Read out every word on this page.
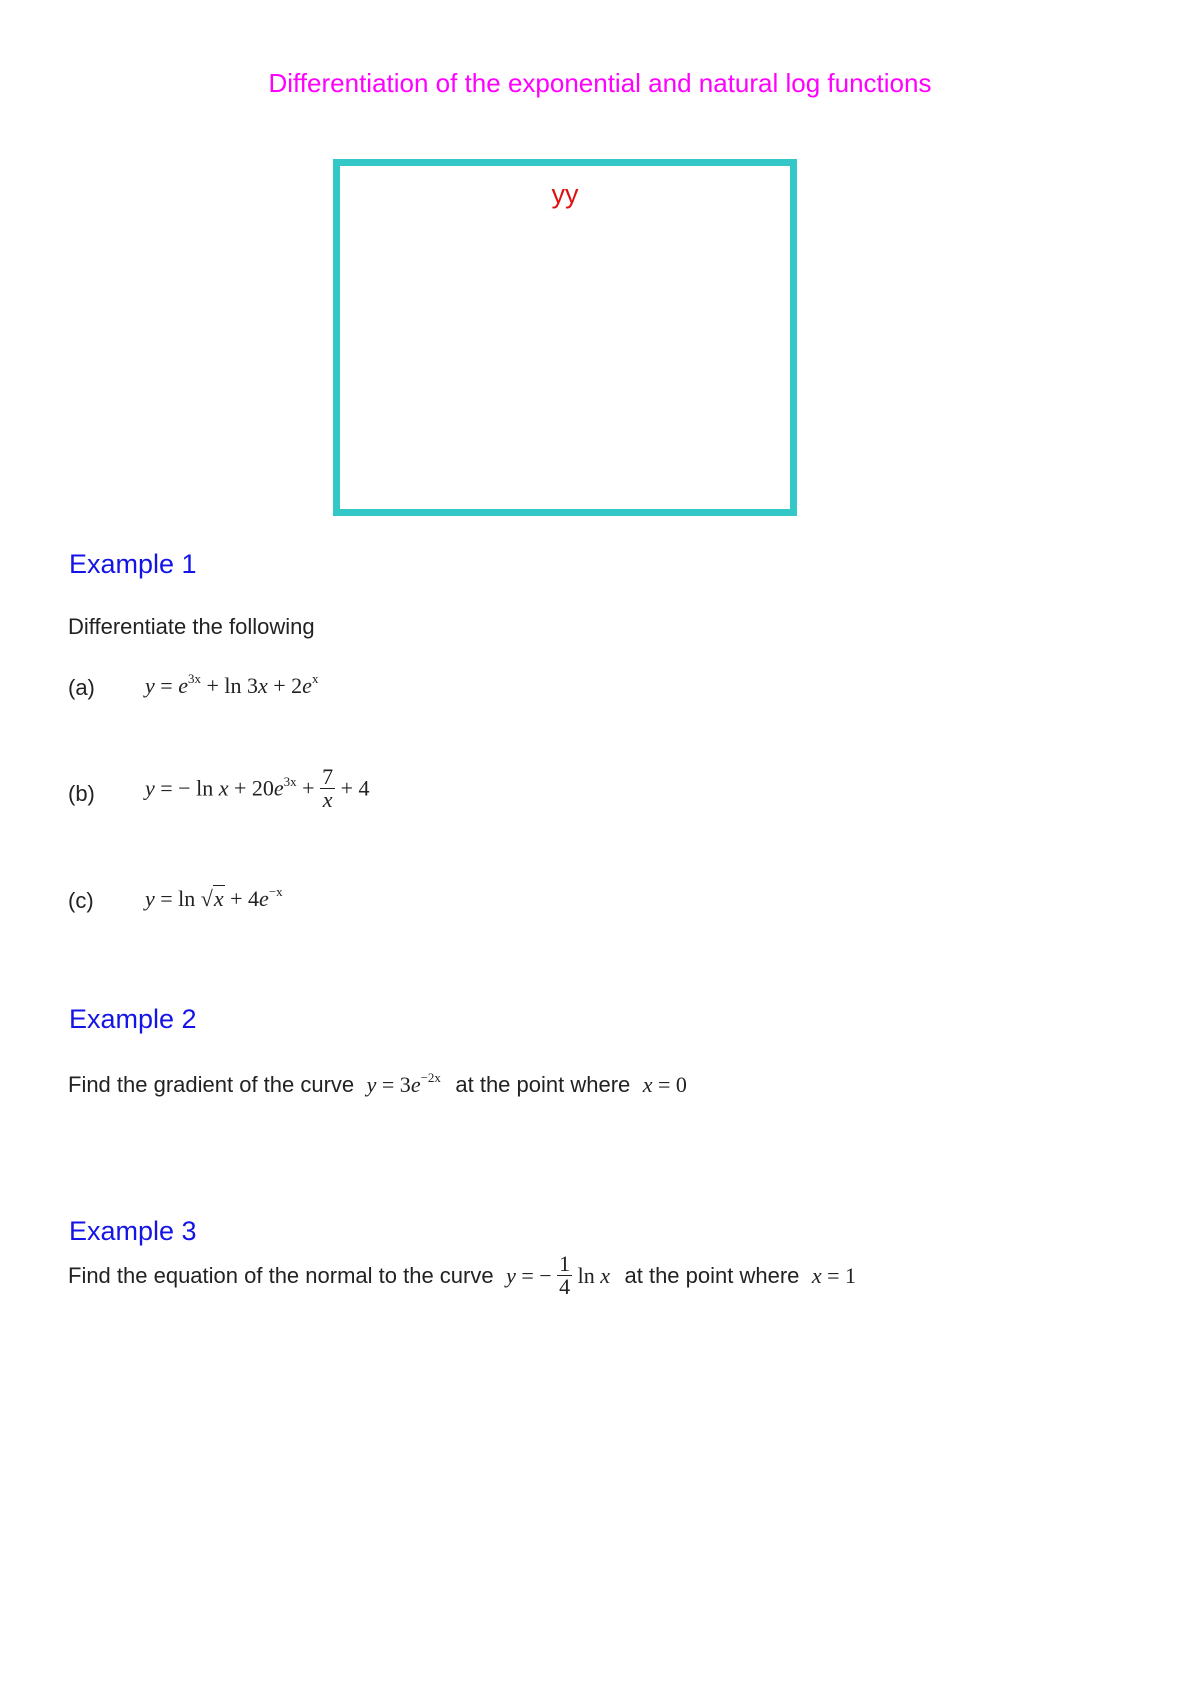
Differentiation of the exponential and natural log functions
yy
Example 1
Differentiate the following
(a) $y = e^{3x} + \ln 3x + 2e^x$
(b) y = − $\ln x + 20e^{3x} + \frac{7}{x} + 4$
(c) $y = \ln √x + 4e^{-x}$
Example 2
Find the gradient of the curve $y = 3e^{-2x}$ at the point where x = 0
Example 3
Find the equation of the normal to the curve y = − $\frac{1}{4}$ ln x at the point where x = 1
